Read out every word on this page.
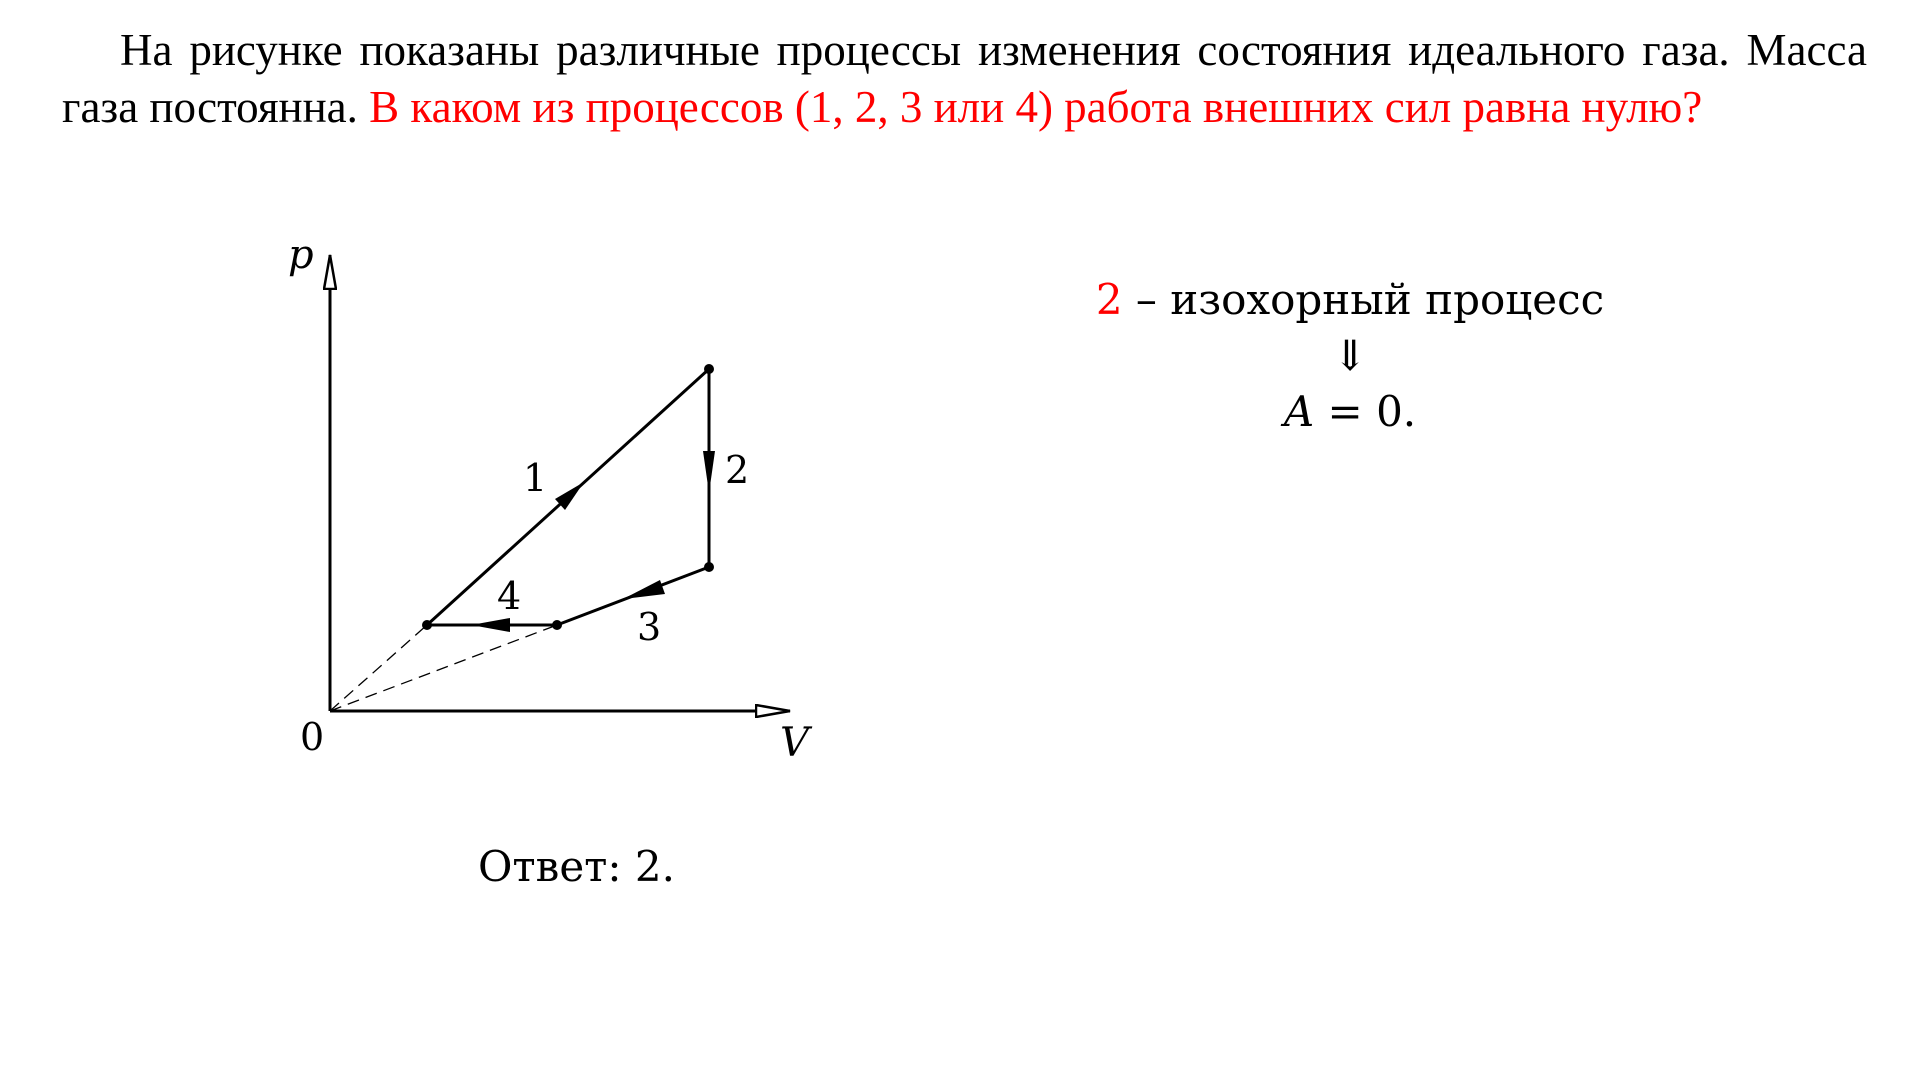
На рисунке показаны различные процессы изменения состояния идеального газа. Масса газа постоянна. В каком из процессов (1, 2, 3 или 4) работа внешних сил равна нулю?

p
V
0
1	2
3
4
2 – изохорный процесс
⇓
A = 0.
Ответ: 2.
